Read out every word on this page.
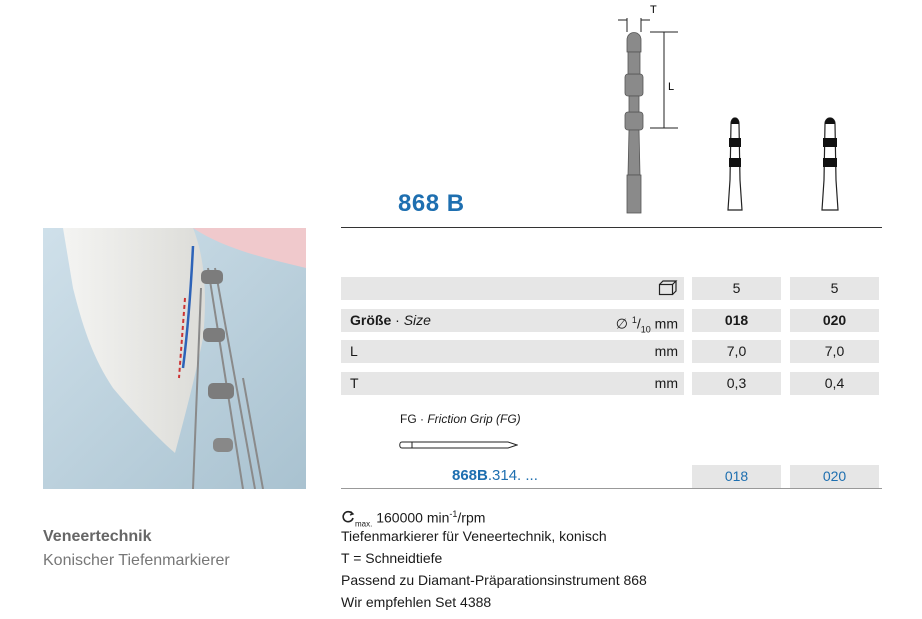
T
L
868 B
5	5
Größe · Size	∅ $^1/_{10}$ mm	018	020
L	mm	7,0	7,0
T	mm	0,3	0,4
FG · Friction Grip (FG)
868B.314. ...	018	020
$_{max.}$ 160000 $\min^{-1}$/rpm
Tiefenmarkierer für Veneertechnik, konisch
T = Schneidtiefe
Passend zu Diamant-Präparationsinstrument 868
Wir empfehlen Set 4388
Veneertechnik
Konischer Tiefenmarkierer
